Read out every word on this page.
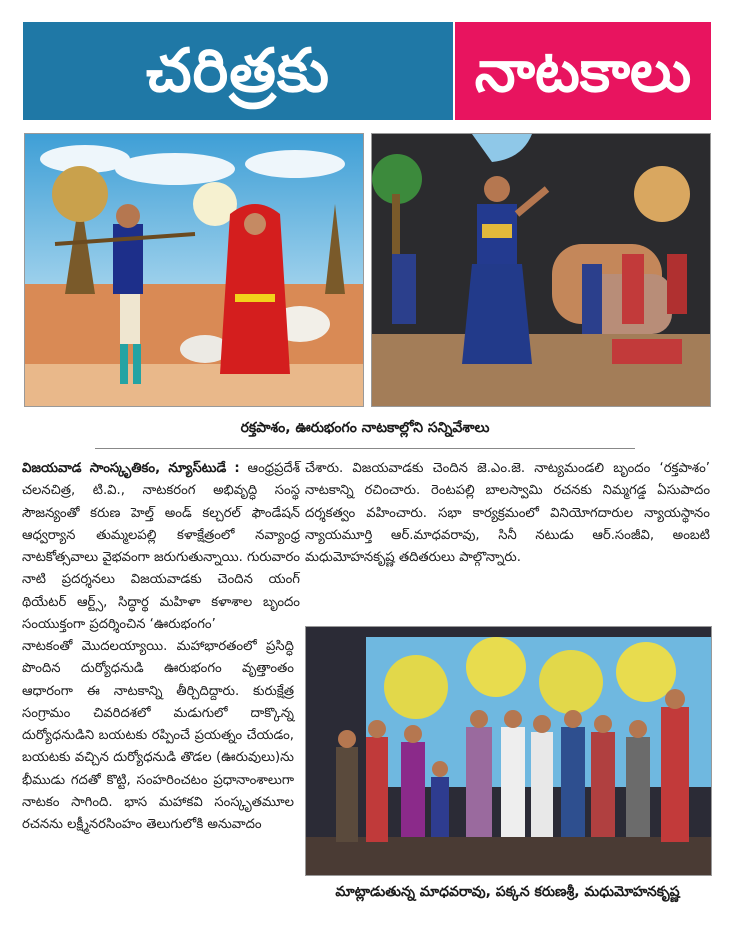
చరిత్రకు	నాటకాలు
రక్తపాశం, ఊరుభంగం నాటకాల్లోని సన్నివేశాలు

విజయవాడ సాంస్కృతికం, న్యూస్‌టుడే : ఆంధ్రప్రదేశ్ చలనచిత్ర, టి.వి., నాటకరంగ అభివృద్ధి సంస్థ సౌజన్యంతో కరుణ హెల్త్ అండ్ కల్చరల్ ఫౌండేషన్ ఆధ్వర్యాన తుమ్మలపల్లి కళాక్షేత్రంలో నవ్యాంధ్ర నాటకోత్సవాలు వైభవంగా జరుగుతున్నాయి. గురువారం నాటి ప్రదర్శనలు విజయవాడకు చెందిన యంగ్ థియేటర్ ఆర్ట్స్, సిద్ధార్థ మహిళా కళాశాల బృందం సంయుక్తంగా ప్రదర్శించిన ‘ఊరుభంగం’

నాటకంతో మొదలయ్యాయి. మహాభారతంలో ప్రసిద్ధి పొందిన దుర్యోధనుడి ఊరుభంగం వృత్తాంతం ఆధారంగా ఈ నాటకాన్ని తీర్చిదిద్దారు. కురుక్షేత్ర సంగ్రామం చివరిదశలో మడుగులో దాక్కొన్న దుర్యోధనుడిని బయటకు రప్పించే ప్రయత్నం చేయడం, బయటకు వచ్చిన దుర్యోధనుడి తొడల (ఊరువులు)ను భీముడు గదతో కొట్టి, సంహరించటం ప్రధానాంశాలుగా నాటకం సాగింది. భాస మహాకవి సంస్కృతమూల రచనను లక్ష్మీనరసింహం తెలుగులోకి అనువాదం

చేశారు. విజయవాడకు చెందిన జె.ఎం.జె. నాట్యమండలి బృందం ‘రక్తపాశం’ నాటకాన్ని రచించారు. రెంటపల్లి బాలస్వామి రచనకు నిమ్మగడ్డ ఏసుపాదం దర్శకత్వం వహించారు. సభా కార్యక్రమంలో వినియోగదారుల న్యాయస్థానం న్యాయమూర్తి ఆర్.మాధవరావు, సినీ నటుడు ఆర్.సంజీవి, అంబటి మధుమోహనకృష్ణ తదితరులు పాల్గొన్నారు.

మాట్లాడుతున్న మాధవరావు, పక్కన కరుణశ్రీ, మధుమోహనకృష్ణ
